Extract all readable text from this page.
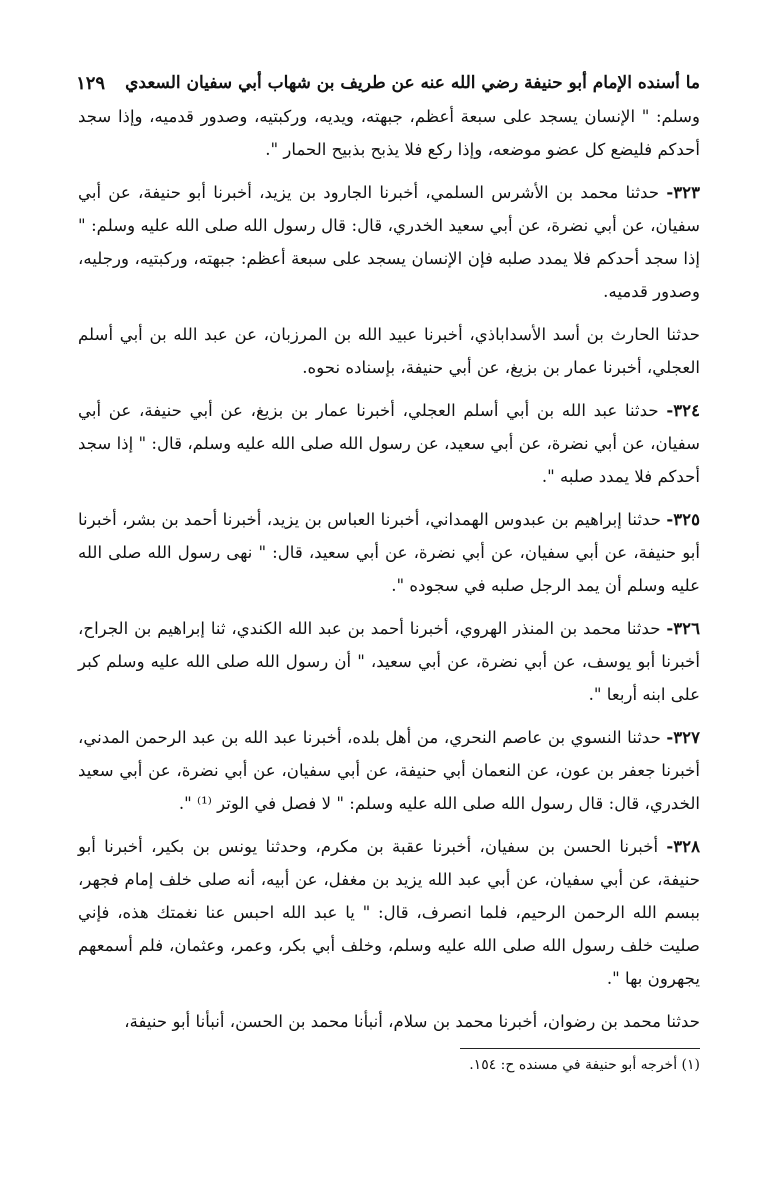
ما أسنده الإمام أبو حنيفة رضي الله عنه عن طريف بن شهاب أبي سفيان السعدي
١٢٩

وسلم: " الإنسان يسجد على سبعة أعظم، جبهته، ويديه، وركبتيه، وصدور قدميه، وإذا سجد أحدكم فليضع كل عضو موضعه، وإذا ركع فلا يذبح بذبيح الحمار ".

٣٢٣- حدثنا محمد بن الأشرس السلمي، أخبرنا الجارود بن يزيد، أخبرنا أبو حنيفة، عن أبي سفيان، عن أبي نضرة، عن أبي سعيد الخدري، قال: قال رسول الله صلى الله عليه وسلم: " إذا سجد أحدكم فلا يمدد صلبه فإن الإنسان يسجد على سبعة أعظم: جبهته، وركبتيه، ورجليه، وصدور قدميه.

حدثنا الحارث بن أسد الأسداباذي، أخبرنا عبيد الله بن المرزبان، عن عبد الله بن أبي أسلم العجلي، أخبرنا عمار بن بزيغ، عن أبي حنيفة، بإسناده نحوه.

٣٢٤- حدثنا عبد الله بن أبي أسلم العجلي، أخبرنا عمار بن بزيغ، عن أبي حنيفة، عن أبي سفيان، عن أبي نضرة، عن أبي سعيد، عن رسول الله صلى الله عليه وسلم، قال: " إذا سجد أحدكم فلا يمدد صلبه ".

٣٢٥- حدثنا إبراهيم بن عبدوس الهمداني، أخبرنا العباس بن يزيد، أخبرنا أحمد بن بشر، أخبرنا أبو حنيفة، عن أبي سفيان، عن أبي نضرة، عن أبي سعيد، قال: " نهى رسول الله صلى الله عليه وسلم أن يمد الرجل صلبه في سجوده ".

٣٢٦- حدثنا محمد بن المنذر الهروي، أخبرنا أحمد بن عبد الله الكندي، ثنا إبراهيم بن الجراح، أخبرنا أبو يوسف، عن أبي نضرة، عن أبي سعيد، " أن رسول الله صلى الله عليه وسلم كبر على ابنه أربعا ".

٣٢٧- حدثنا النسوي بن عاصم النحري، من أهل بلده، أخبرنا عبد الله بن عبد الرحمن المدني، أخبرنا جعفر بن عون، عن النعمان أبي حنيفة، عن أبي سفيان، عن أبي نضرة، عن أبي سعيد الخدري، قال: قال رسول الله صلى الله عليه وسلم: " لا فصل في الوتر ⁽¹⁾ ".

٣٢٨- أخبرنا الحسن بن سفيان، أخبرنا عقبة بن مكرم، وحدثنا يونس بن بكير، أخبرنا أبو حنيفة، عن أبي سفيان، عن أبي عبد الله يزيد بن مغفل، عن أبيه، أنه صلى خلف إمام فجهر، ببسم الله الرحمن الرحيم، فلما انصرف، قال: " يا عبد الله احبس عنا نغمتك هذه، فإني صليت خلف رسول الله صلى الله عليه وسلم، وخلف أبي بكر، وعمر، وعثمان، فلم أسمعهم يجهرون بها ".

حدثنا محمد بن رضوان، أخبرنا محمد بن سلام، أنبأنا محمد بن الحسن، أنبأنا أبو حنيفة،

(١) أخرجه أبو حنيفة في مسنده ح: ١٥٤.
